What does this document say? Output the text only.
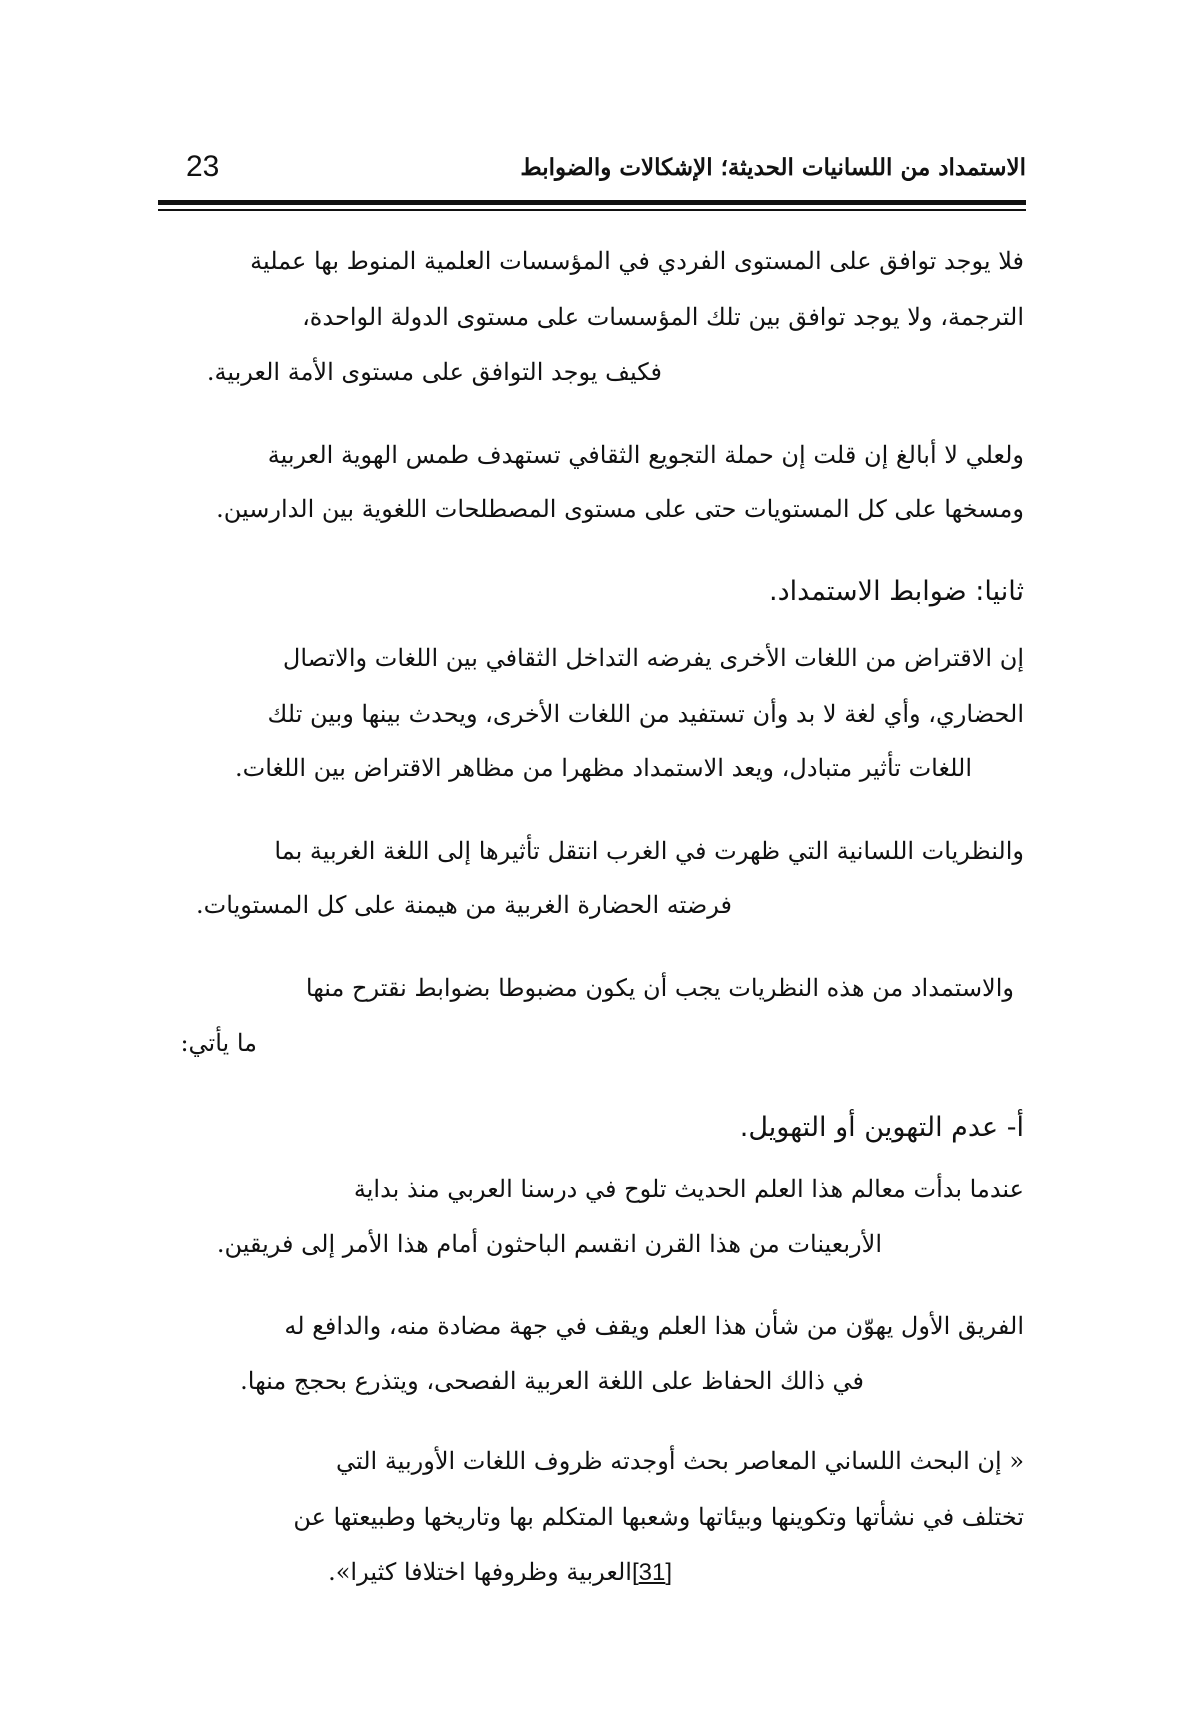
الاستمداد من اللسانيات الحديثة؛ الإشكالات والضوابط
23
فلا يوجد توافق على المستوى الفردي في المؤسسات العلمية المنوط بها عملية
الترجمة، ولا يوجد توافق بين تلك المؤسسات على مستوى الدولة الواحدة،
فكيف يوجد التوافق على مستوى الأمة العربية.
ولعلي لا أبالغ إن قلت إن حملة التجويع الثقافي تستهدف طمس الهوية العربية
ومسخها على كل المستويات حتى على مستوى المصطلحات اللغوية بين الدارسين.
ثانيا: ضوابط الاستمداد.
إن الاقتراض من اللغات الأخرى يفرضه التداخل الثقافي بين اللغات والاتصال
الحضاري، وأي لغة لا بد وأن تستفيد من اللغات الأخرى، ويحدث بينها وبين تلك
اللغات تأثير متبادل، ويعد الاستمداد مظهرا من مظاهر الاقتراض بين اللغات.
والنظريات اللسانية التي ظهرت في الغرب انتقل تأثيرها إلى اللغة الغربية بما
فرضته الحضارة الغربية من هيمنة على كل المستويات.
والاستمداد من هذه النظريات يجب أن يكون مضبوطا بضوابط نقترح منها
ما يأتي:
أ- عدم التهوين أو التهويل.
عندما بدأت معالم هذا العلم الحديث تلوح في درسنا العربي منذ بداية
الأربعينات من هذا القرن انقسم الباحثون أمام هذا الأمر إلى فريقين.
الفريق الأول يهوّن من شأن هذا العلم ويقف في جهة مضادة منه، والدافع له
في ذالك الحفاظ على اللغة العربية الفصحى، ويتذرع بحجج منها.
« إن البحث اللساني المعاصر بحث أوجدته ظروف اللغات الأوربية التي
تختلف في نشأتها وتكوينها وبيئاتها وشعبها المتكلم بها وتاريخها وطبيعتها عن
[31]العربية وظروفها اختلافا كثيرا».
